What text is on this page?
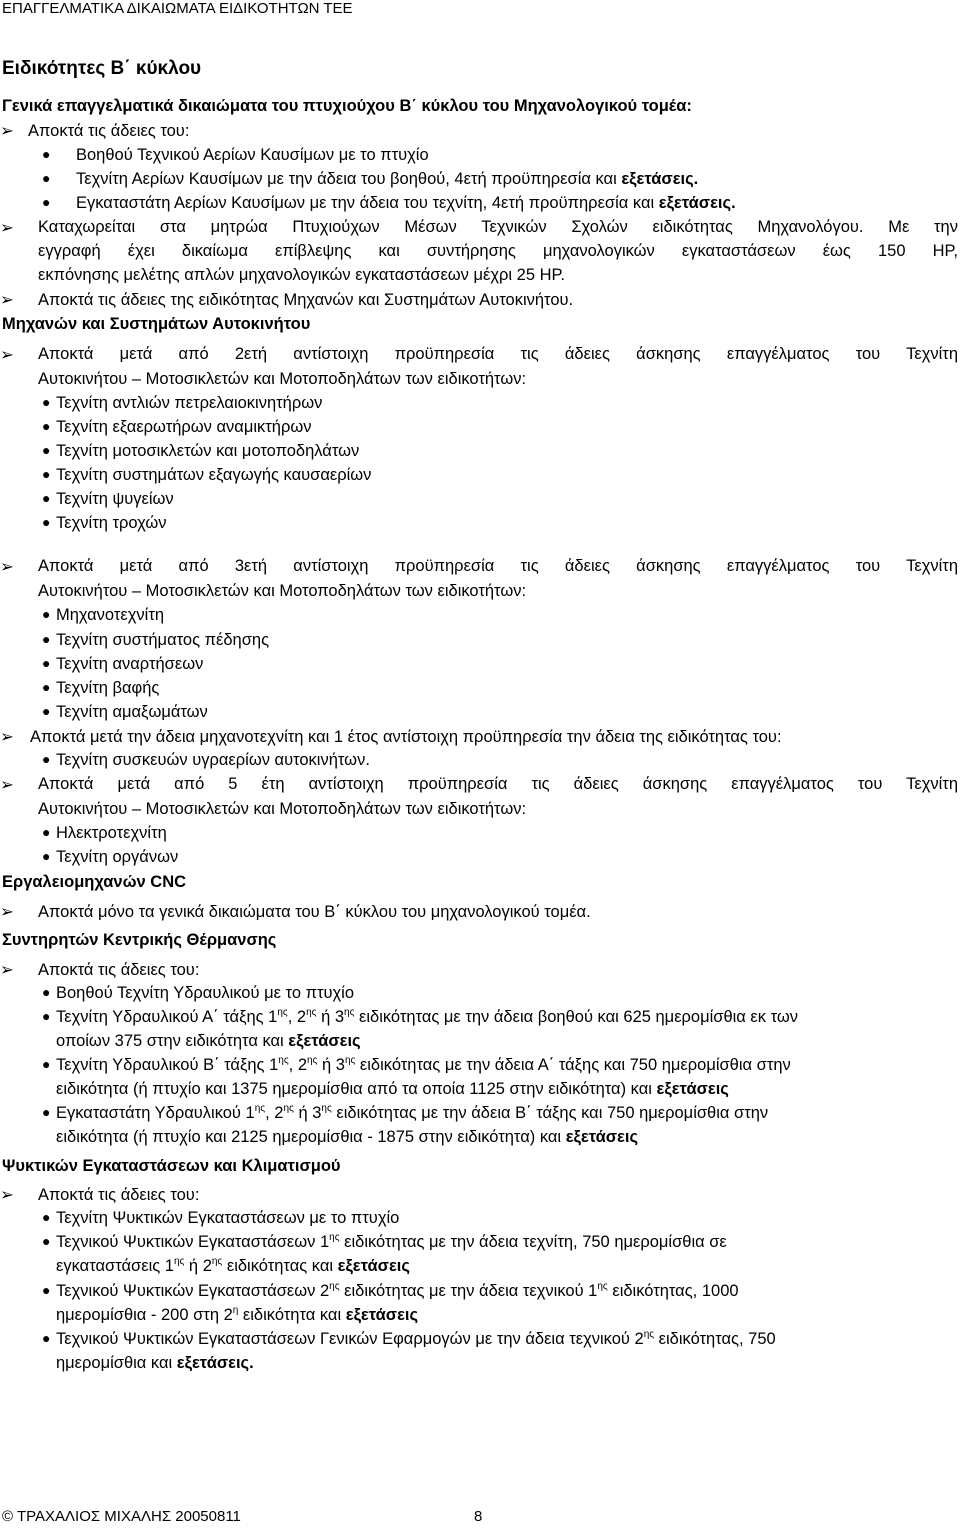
ΕΠΑΓΓΕΛΜΑΤΙΚΑ ΔΙΚΑΙΩΜΑΤΑ ΕΙΔΙΚΟΤΗΤΩΝ ΤΕΕ
Ειδικότητες Β΄ κύκλου
Γενικά επαγγελματικά δικαιώματα του πτυχιούχου Β΄ κύκλου του Μηχανολογικού τομέα:
➢ Αποκτά τις άδειες του:
● Βοηθού Τεχνικού Αερίων Καυσίμων με το πτυχίο
● Τεχνίτη Αερίων Καυσίμων με την άδεια του βοηθού, 4ετή προϋπηρεσία και εξετάσεις.
● Εγκαταστάτη Αερίων Καυσίμων με την άδεια του τεχνίτη, 4ετή προϋπηρεσία και εξετάσεις.
➢	Καταχωρείται στα μητρώα Πτυχιούχων Μέσων Τεχνικών Σχολών ειδικότητας Μηχανολόγου. Με την
εγγραφή έχει δικαίωμα επίβλεψης και συντήρησης μηχανολογικών εγκαταστάσεων έως 150 HP,
εκπόνησης μελέτης απλών μηχανολογικών εγκαταστάσεων μέχρι 25 HP.
➢ Αποκτά τις άδειες της ειδικότητας Μηχανών και Συστημάτων Αυτοκινήτου.
Μηχανών και Συστημάτων Αυτοκινήτου
➢	Αποκτά μετά από 2ετή αντίστοιχη προϋπηρεσία τις άδειες άσκησης επαγγέλματος του Τεχνίτη
Αυτοκινήτου – Μοτοσικλετών και Μοτοποδηλάτων των ειδικοτήτων:
● Τεχνίτη αντλιών πετρελαιοκινητήρων
● Τεχνίτη εξαερωτήρων αναμικτήρων
● Τεχνίτη μοτοσικλετών και μοτοποδηλάτων
● Τεχνίτη συστημάτων εξαγωγής καυσαερίων
● Τεχνίτη ψυγείων
● Τεχνίτη τροχών
➢	Αποκτά μετά από 3ετή αντίστοιχη προϋπηρεσία τις άδειες άσκησης επαγγέλματος του Τεχνίτη
Αυτοκινήτου – Μοτοσικλετών και Μοτοποδηλάτων των ειδικοτήτων:
● Μηχανοτεχνίτη
● Τεχνίτη συστήματος πέδησης
● Τεχνίτη αναρτήσεων
● Τεχνίτη βαφής
● Τεχνίτη αμαξωμάτων
➢ Αποκτά μετά την άδεια μηχανοτεχνίτη και 1 έτος αντίστοιχη προϋπηρεσία την άδεια της ειδικότητας του:
● Τεχνίτη συσκευών υγραερίων αυτοκινήτων.
➢	Αποκτά μετά από 5 έτη αντίστοιχη προϋπηρεσία τις άδειες άσκησης επαγγέλματος του Τεχνίτη
Αυτοκινήτου – Μοτοσικλετών και Μοτοποδηλάτων των ειδικοτήτων:
● Ηλεκτροτεχνίτη
● Τεχνίτη οργάνων
Εργαλειομηχανών CNC
➢ Αποκτά μόνο τα γενικά δικαιώματα του Β΄ κύκλου του μηχανολογικού τομέα.
Συντηρητών Κεντρικής Θέρμανσης
➢ Αποκτά τις άδειες του:
● Βοηθού Τεχνίτη Υδραυλικού με το πτυχίο
● Τεχνίτη Υδραυλικού Α΄ τάξης $1^{\eta\varsigma}$, $2^{\eta\varsigma}$ ή $3^{\eta\varsigma}$ ειδικότητας με την άδεια βοηθού και 625 ημερομίσθια εκ των
οποίων 375 στην ειδικότητα και εξετάσεις
● Τεχνίτη Υδραυλικού Β΄ τάξης $1^{\eta\varsigma}$, $2^{\eta\varsigma}$ ή $3^{\eta\varsigma}$ ειδικότητας με την άδεια Α΄ τάξης και 750 ημερομίσθια στην
ειδικότητα (ή πτυχίο και 1375 ημερομίσθια από τα οποία 1125 στην ειδικότητα) και εξετάσεις
● Εγκαταστάτη Υδραυλικού $1^{\eta\varsigma}$, $2^{\eta\varsigma}$ ή $3^{\eta\varsigma}$ ειδικότητας με την άδεια Β΄ τάξης και 750 ημερομίσθια στην
ειδικότητα (ή πτυχίο και 2125 ημερομίσθια - 1875 στην ειδικότητα) και εξετάσεις
Ψυκτικών Εγκαταστάσεων και Κλιματισμού
➢ Αποκτά τις άδειες του:
● Τεχνίτη Ψυκτικών Εγκαταστάσεων με το πτυχίο
● Τεχνικού Ψυκτικών Εγκαταστάσεων $1^{\eta\varsigma}$ ειδικότητας με την άδεια τεχνίτη, 750 ημερομίσθια σε
εγκαταστάσεις $1^{\eta\varsigma}$ ή $2^{\eta\varsigma}$ ειδικότητας και εξετάσεις
● Τεχνικού Ψυκτικών Εγκαταστάσεων $2^{\eta\varsigma}$ ειδικότητας με την άδεια τεχνικού $1^{\eta\varsigma}$ ειδικότητας, 1000
ημερομίσθια - 200 στη $2^\eta$ ειδικότητα και εξετάσεις
● Τεχνικού Ψυκτικών Εγκαταστάσεων Γενικών Εφαρμογών με την άδεια τεχνικού $2^{\eta\varsigma}$ ειδικότητας, 750
ημερομίσθια και εξετάσεις.
© ΤΡΑΧΑΛΙΟΣ ΜΙΧΑΛΗΣ 20050811	8
